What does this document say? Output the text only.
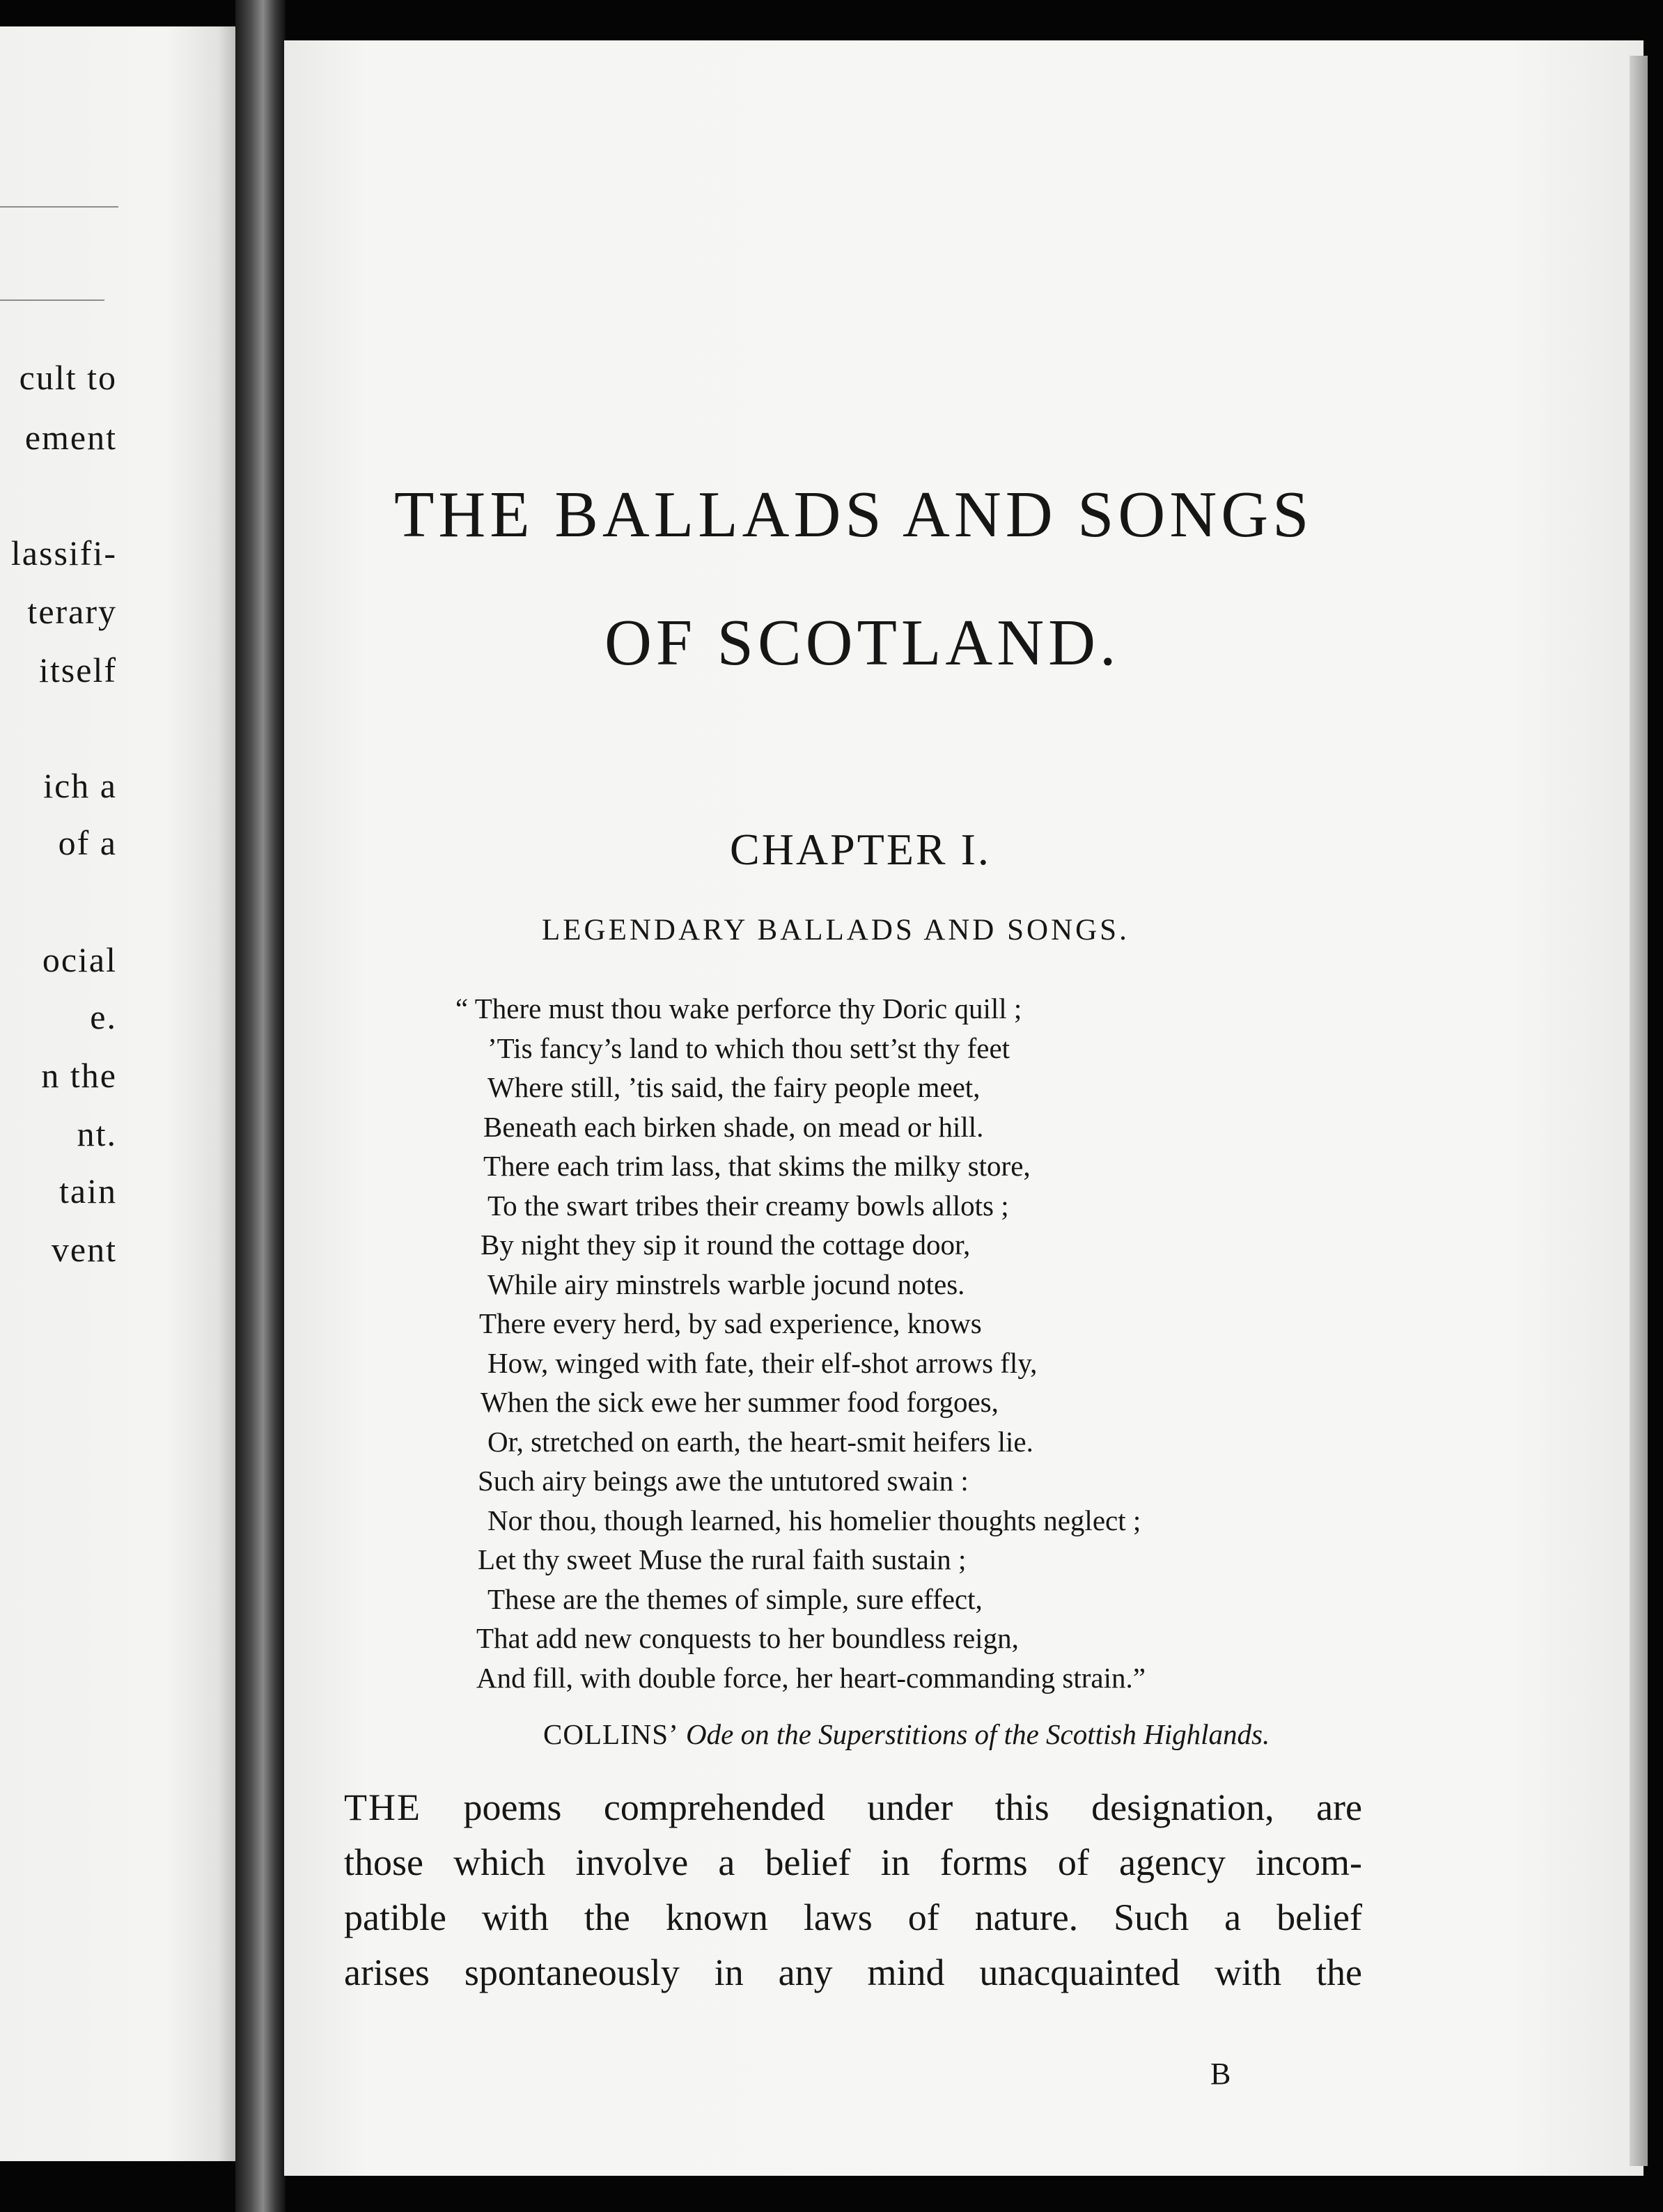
cult to
ement
lassifi-
terary
itself
ich a
of a
ocial
e.
n the
nt.
tain
vent
THE BALLADS AND SONGS
OF SCOTLAND.
CHAPTER I.
LEGENDARY BALLADS AND SONGS.
“ There must thou wake perforce thy Doric quill ;
’Tis fancy’s land to which thou sett’st thy feet
Where still, ’tis said, the fairy people meet,
Beneath each birken shade, on mead or hill.
There each trim lass, that skims the milky store,
To the swart tribes their creamy bowls allots ;
By night they sip it round the cottage door,
While airy minstrels warble jocund notes.
There every herd, by sad experience, knows
How, winged with fate, their elf-shot arrows fly,
When the sick ewe her summer food forgoes,
Or, stretched on earth, the heart-smit heifers lie.
Such airy beings awe the untutored swain :
Nor thou, though learned, his homelier thoughts neglect ;
Let thy sweet Muse the rural faith sustain ;
These are the themes of simple, sure effect,
That add new conquests to her boundless reign,
And fill, with double force, her heart-commanding strain.”
COLLINS’ Ode on the Superstitions of the Scottish Highlands.
THE poems comprehended under this designation, are
those which involve a belief in forms of agency incom-
patible with the known laws of nature. Such a belief
arises spontaneously in any mind unacquainted with the
B
